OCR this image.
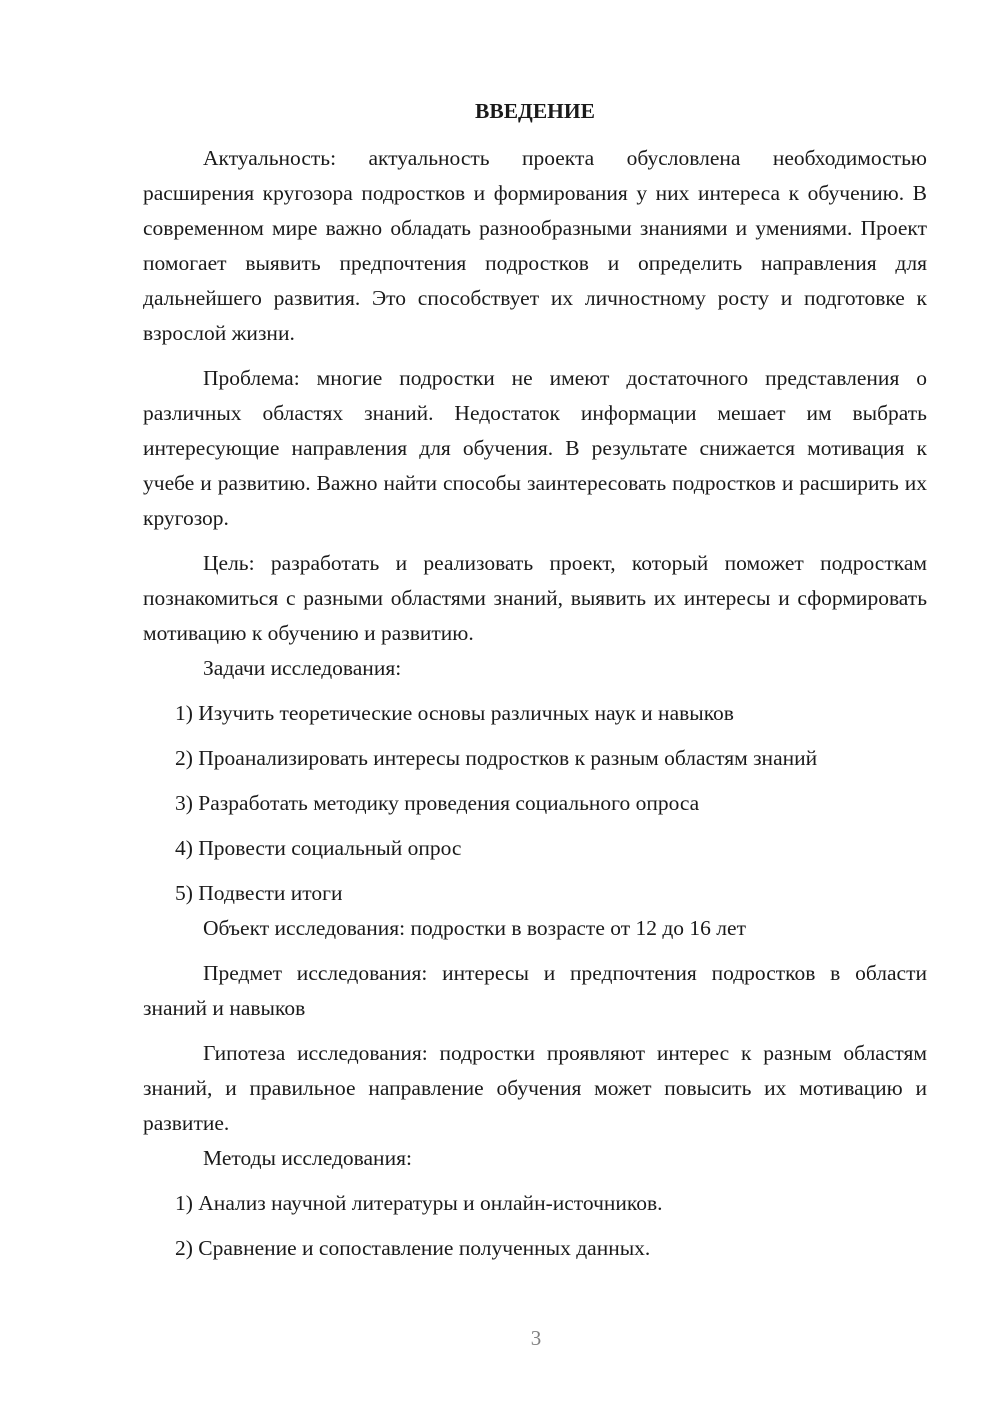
ВВЕДЕНИЕ

Актуальность: актуальность проекта обусловлена необходимостью расширения кругозора подростков и формирования у них интереса к обучению. В современном мире важно обладать разнообразными знаниями и умениями. Проект помогает выявить предпочтения подростков и определить направления для дальнейшего развития. Это способствует их личностному росту и подготовке к взрослой жизни.

Проблема: многие подростки не имеют достаточного представления о различных областях знаний. Недостаток информации мешает им выбрать интересующие направления для обучения. В результате снижается мотивация к учебе и развитию. Важно найти способы заинтересовать подростков и расширить их кругозор.

Цель: разработать и реализовать проект, который поможет подросткам познакомиться с разными областями знаний, выявить их интересы и сформировать мотивацию к обучению и развитию.

Задачи исследования:

1) Изучить теоретические основы различных наук и навыков

2) Проанализировать интересы подростков к разным областям знаний

3) Разработать методику проведения социального опроса

4) Провести социальный опрос

5) Подвести итоги

Объект исследования: подростки в возрасте от 12 до 16 лет

Предмет исследования: интересы и предпочтения подростков в области знаний и навыков

Гипотеза исследования: подростки проявляют интерес к разным областям знаний, и правильное направление обучения может повысить их мотивацию и развитие.

Методы исследования:

1) Анализ научной литературы и онлайн-источников.

2) Сравнение и сопоставление полученных данных.

3
